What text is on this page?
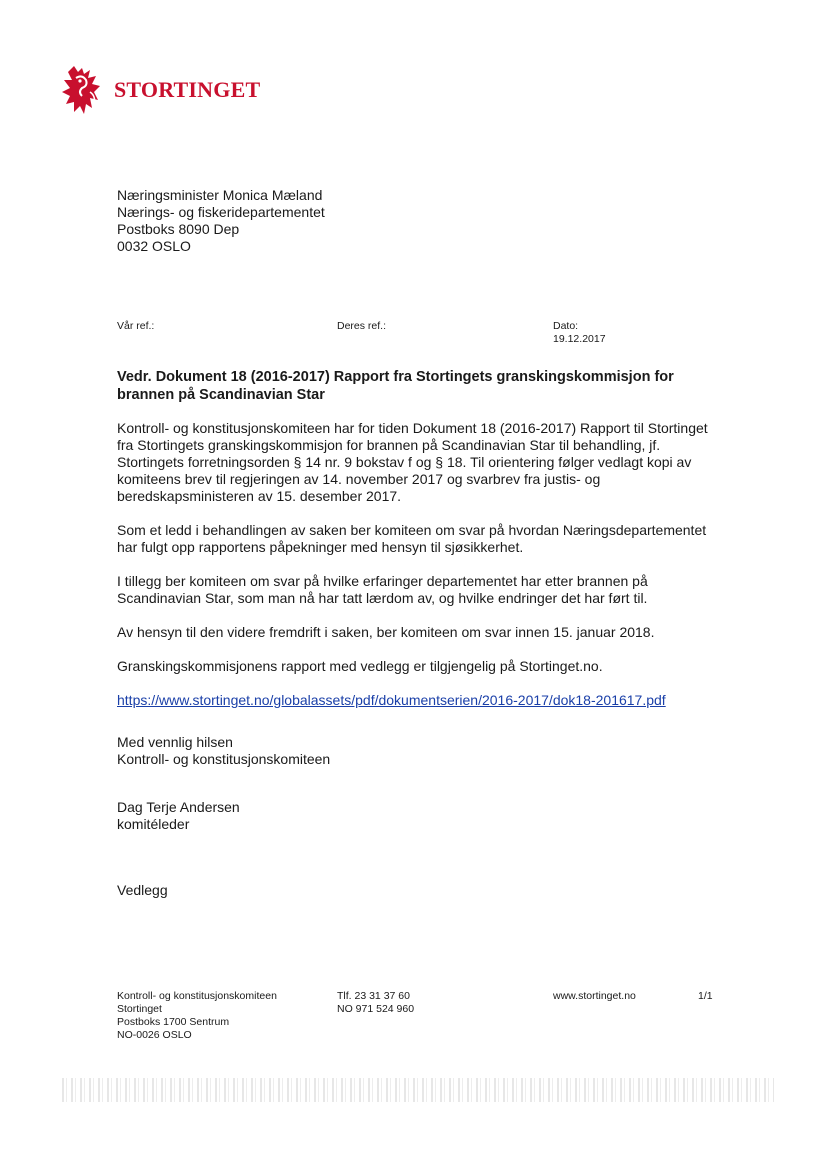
STORTINGET
Næringsminister Monica Mæland
Nærings- og fiskeridepartementet
Postboks 8090 Dep
0032 OSLO
Vår ref.:	Deres ref.:	Dato:
19.12.2017
Vedr. Dokument 18 (2016-2017) Rapport fra Stortingets granskingskommisjon for brannen på Scandinavian Star

Kontroll- og konstitusjonskomiteen har for tiden Dokument 18 (2016-2017) Rapport til Stortinget fra Stortingets granskingskommisjon for brannen på Scandinavian Star til behandling, jf. Stortingets forretningsorden § 14 nr. 9 bokstav f og § 18. Til orientering følger vedlagt kopi av komiteens brev til regjeringen av 14. november 2017 og svarbrev fra justis- og beredskapsministeren av 15. desember 2017.

Som et ledd i behandlingen av saken ber komiteen om svar på hvordan Næringsdepartementet har fulgt opp rapportens påpekninger med hensyn til sjøsikkerhet.

I tillegg ber komiteen om svar på hvilke erfaringer departementet har etter brannen på Scandinavian Star, som man nå har tatt lærdom av, og hvilke endringer det har ført til.

Av hensyn til den videre fremdrift i saken, ber komiteen om svar innen 15. januar 2018.

Granskingskommisjonens rapport med vedlegg er tilgjengelig på Stortinget.no.

https://www.stortinget.no/globalassets/pdf/dokumentserien/2016-2017/dok18-201617.pdf

Med vennlig hilsen
Kontroll- og konstitusjonskomiteen
Dag Terje Andersen
komitéleder
Vedlegg
Kontroll- og konstitusjonskomiteen
Stortinget
Postboks 1700 Sentrum
NO-0026 OSLO
Tlf. 23 31 37 60
NO 971 524 960
www.stortinget.no	1/1
